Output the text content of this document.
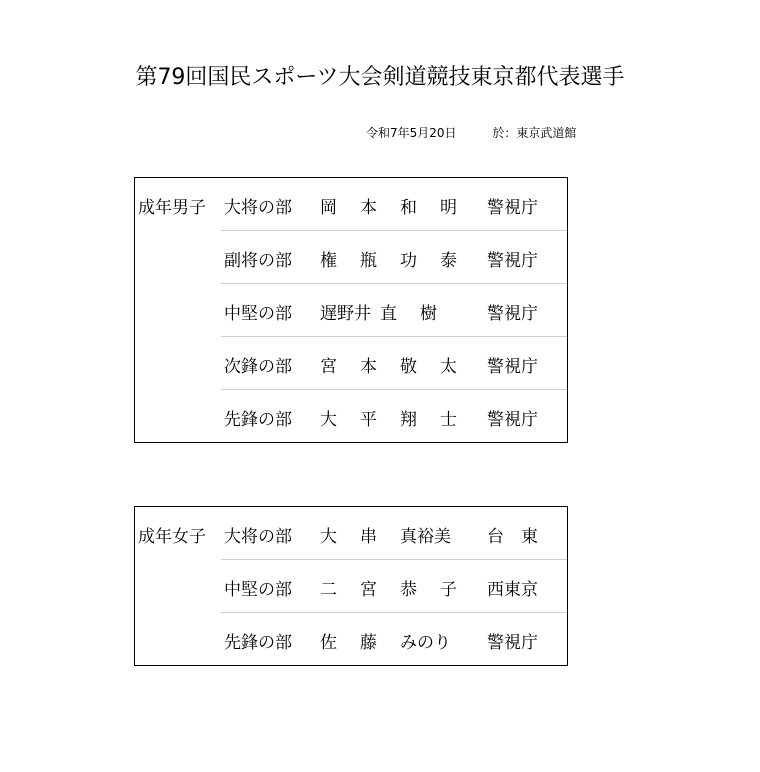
第79回国民スポーツ大会剣道競技東京都代表選手
令和7年5月20日	於：東京武道館
成年男子 大将の部 岡 本 和 明	警視庁
副将の部 権 瓶 功 泰	警視庁
中堅の部 遅野井 直 樹	警視庁
次鋒の部 宮 本 敬 太	警視庁
先鋒の部 大 平 翔 士	警視庁
成年女子 大将の部 大 串 真裕美	台　東
中堅の部 二 宮 恭 子	西東京
先鋒の部 佐 藤 みのり	警視庁
